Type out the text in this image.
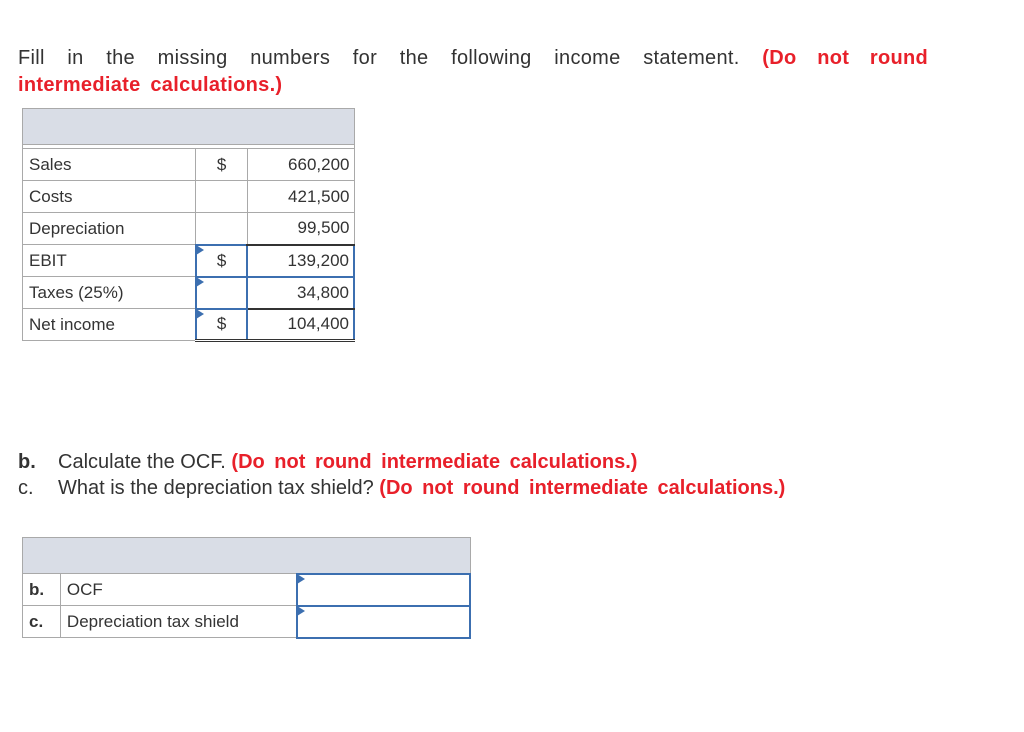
Fill in the missing numbers for the following income statement. (Do not round intermediate calculations.)

Sales	$	660,200
Costs		421,500
Depreciation		99,500
EBIT	$	139,200
Taxes (25%)		34,800
Net income	$	104,400
b. Calculate the OCF. (Do not round intermediate calculations.)
c. What is the depreciation tax shield? (Do not round intermediate calculations.)

b.	OCF	

c.	Depreciation tax shield	
